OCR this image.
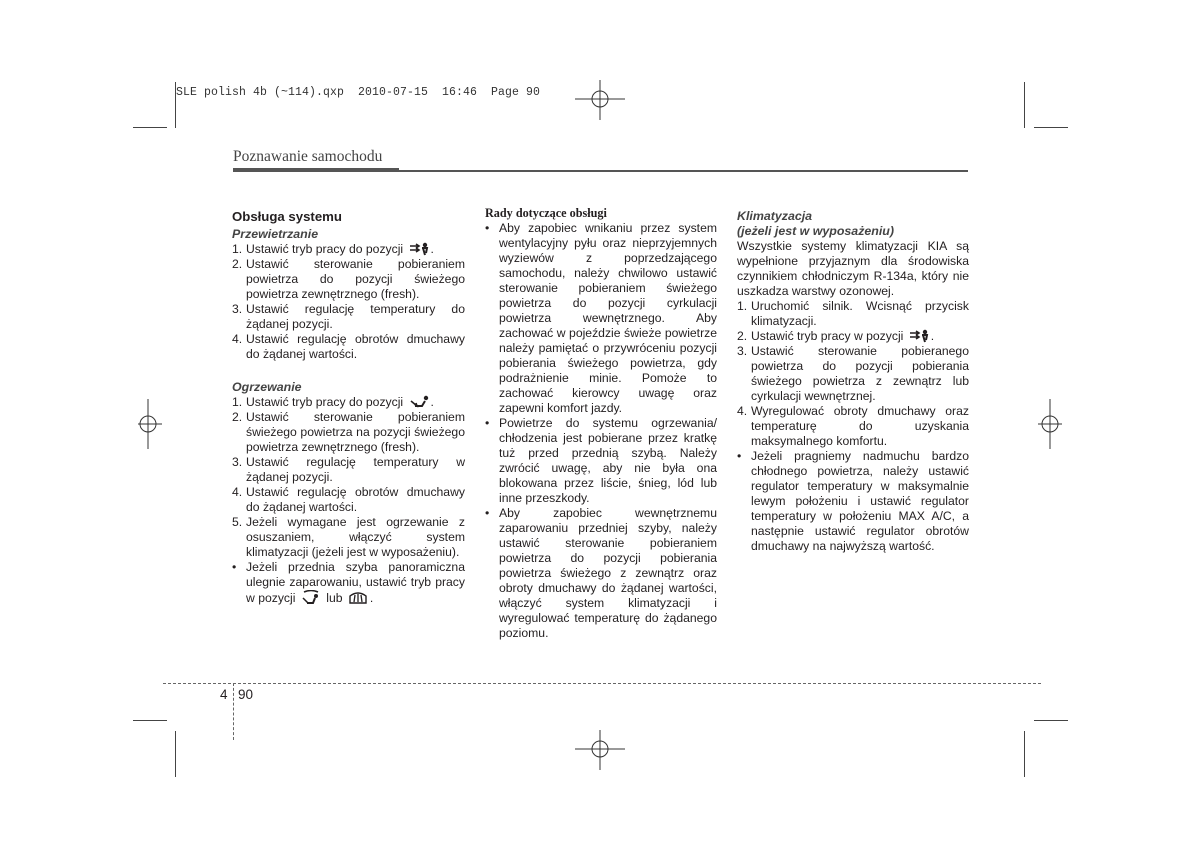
SLE polish 4b (~114).qxp  2010-07-15  16:46  Page 90
Poznawanie samochodu
Obsługa systemu
Przewietrzanie
1. Ustawić tryb pracy do pozycji .
2. Ustawić sterowanie pobieraniem powietrza do pozycji świeżego powietrza zewnętrznego (fresh).
3. Ustawić regulację temperatury do żądanej pozycji.
4. Ustawić regulację obrotów dmuchawy do żądanej wartości.
Ogrzewanie
1. Ustawić tryb pracy do pozycji .
2. Ustawić sterowanie pobieraniem świeżego powietrza na pozycji świeżego powietrza zewnętrznego (fresh).
3. Ustawić regulację temperatury w żądanej pozycji.
4. Ustawić regulację obrotów dmuchawy do żądanej wartości.
5. Jeżeli wymagane jest ogrzewanie z osuszaniem, włączyć system klimatyzacji (jeżeli jest w wyposażeniu).
• Jeżeli przednia szyba panoramiczna ulegnie zaparowaniu, ustawić tryb pracy w pozycji	lub .
Rady dotyczące obsługi
• Aby zapobiec wnikaniu przez system wentylacyjny pyłu oraz nieprzyjemnych wyziewów z poprzedzającego samochodu, należy chwilowo ustawić sterowanie pobieraniem świeżego powietrza do pozycji cyrkulacji powietrza wewnętrznego. Aby zachować w pojeździe świeże powietrze należy pamiętać o przywróceniu pozycji pobierania świeżego powietrza, gdy podrażnienie minie. Pomoże to zachować kierowcy uwagę oraz zapewni komfort jazdy.
• Powietrze do systemu ogrzewania/ chłodzenia jest pobierane przez kratkę tuż przed przednią szybą. Należy zwrócić uwagę, aby nie była ona blokowana przez liście, śnieg, lód lub inne przeszkody.
• Aby zapobiec wewnętrznemu zaparowaniu przedniej szyby, należy ustawić sterowanie pobieraniem powietrza do pozycji pobierania powietrza świeżego z zewnątrz oraz obroty dmuchawy do żądanej wartości, włączyć system klimatyzacji i wyregulować temperaturę do żądanego poziomu.
Klimatyzacja
(jeżeli jest w wyposażeniu)
Wszystkie systemy klimatyzacji KIA są wypełnione przyjaznym dla środowiska czynnikiem chłodniczym R-134a, który nie uszkadza warstwy ozonowej.
1. Uruchomić silnik. Wcisnąć przycisk klimatyzacji.
2. Ustawić tryb pracy w pozycji .
3. Ustawić sterowanie pobieranego powietrza do pozycji pobierania świeżego powietrza z zewnątrz lub cyrkulacji wewnętrznej.
4. Wyregulować obroty dmuchawy oraz temperaturę do uzyskania maksymalnego komfortu.
• Jeżeli pragniemy nadmuchu bardzo chłodnego powietrza, należy ustawić regulator temperatury w maksymalnie lewym położeniu i ustawić regulator temperatury w położeniu MAX A/C, a następnie ustawić regulator obrotów dmuchawy na najwyższą wartość.
4 90
